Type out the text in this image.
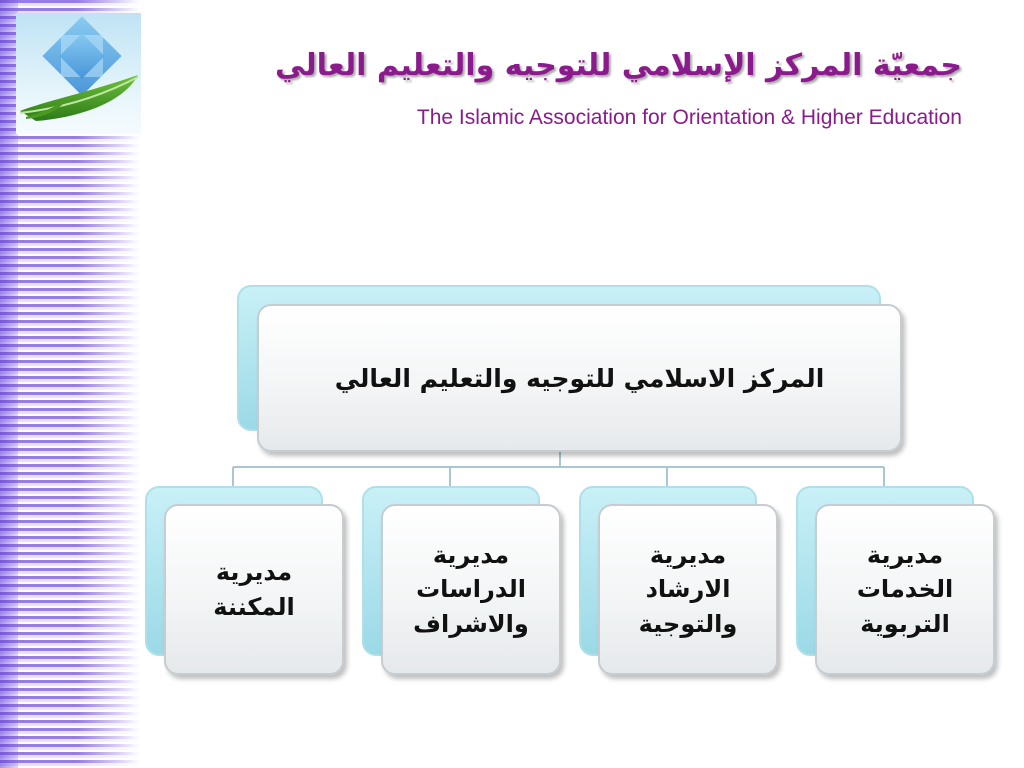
جمعيّة المركز الإسلامي للتوجيه والتعليم العالي
The Islamic Association for Orientation & Higher Education
المركز الاسلامي للتوجيه والتعليم العالي
مديرية
الخدمات
التربوية
مديرية
الارشاد
والتوجية
مديرية
الدراسات
والاشراف
مديرية
المكننة
